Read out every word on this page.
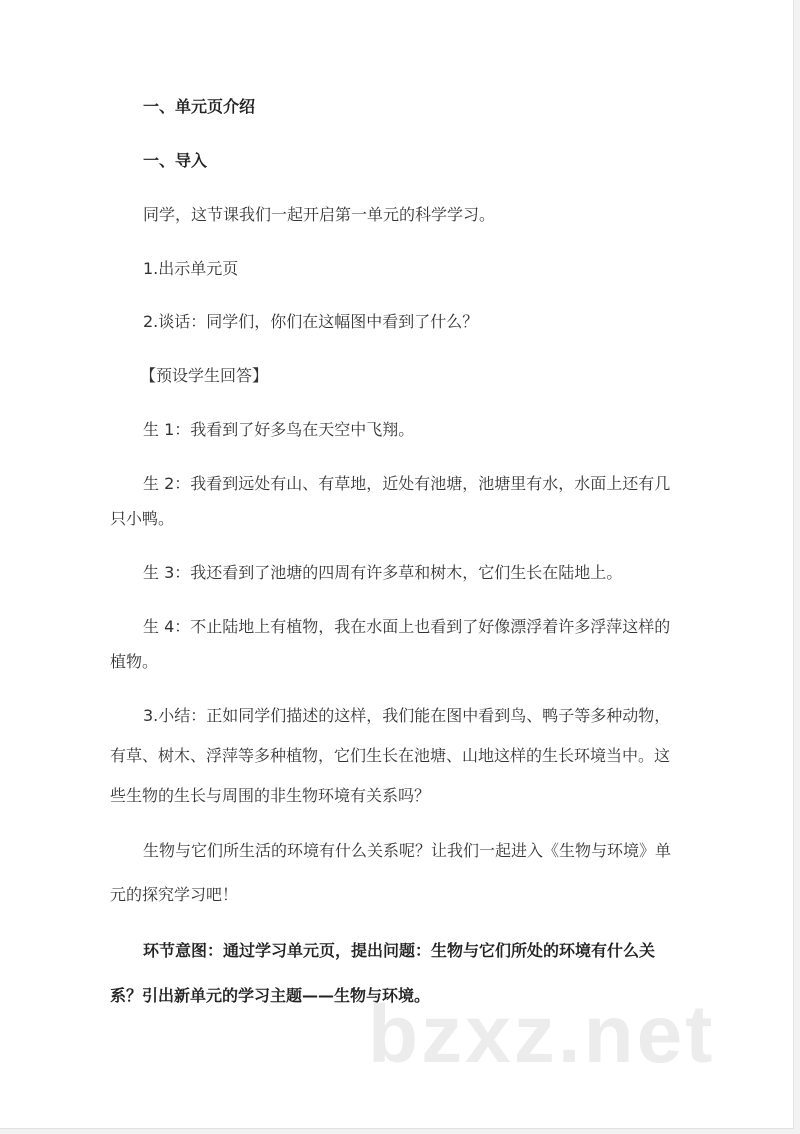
一、单元页介绍
一、导入
同学，这节课我们一起开启第一单元的科学学习。
1.出示单元页
2.谈话：同学们，你们在这幅图中看到了什么？
【预设学生回答】
生 1：我看到了好多鸟在天空中飞翔。
生 2：我看到远处有山、有草地，近处有池塘，池塘里有水，水面上还有几
只小鸭。
生 3：我还看到了池塘的四周有许多草和树木，它们生长在陆地上。
生 4：不止陆地上有植物，我在水面上也看到了好像漂浮着许多浮萍这样的
植物。
3.小结：正如同学们描述的这样，我们能在图中看到鸟、鸭子等多种动物，
有草、树木、浮萍等多种植物，它们生长在池塘、山地这样的生长环境当中。这
些生物的生长与周围的非生物环境有关系吗？
生物与它们所生活的环境有什么关系呢？让我们一起进入《生物与环境》单
元的探究学习吧！
环节意图：通过学习单元页，提出问题：生物与它们所处的环境有什么关
系？引出新单元的学习主题——生物与环境。
bzxz.net
